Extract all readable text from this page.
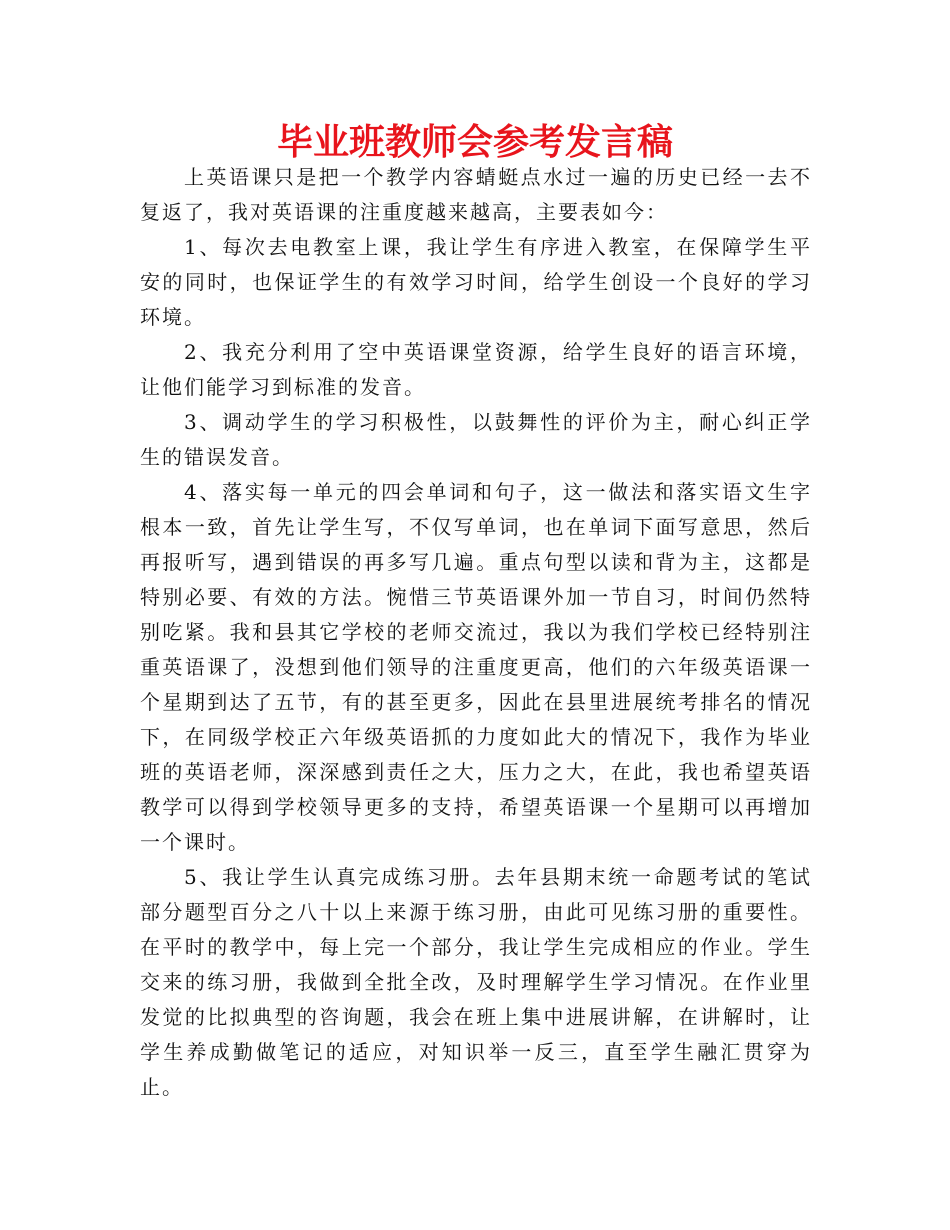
毕业班教师会参考发言稿

上英语课只是把一个教学内容蜻蜓点水过一遍的历史已经一去不复返了，我对英语课的注重度越来越高，主要表如今：

1、每次去电教室上课，我让学生有序进入教室，在保障学生平安的同时，也保证学生的有效学习时间，给学生创设一个良好的学习环境。

2、我充分利用了空中英语课堂资源，给学生良好的语言环境，让他们能学习到标准的发音。

3、调动学生的学习积极性，以鼓舞性的评价为主，耐心纠正学生的错误发音。

4、落实每一单元的四会单词和句子，这一做法和落实语文生字根本一致，首先让学生写，不仅写单词，也在单词下面写意思，然后再报听写，遇到错误的再多写几遍。重点句型以读和背为主，这都是特别必要、有效的方法。惋惜三节英语课外加一节自习，时间仍然特别吃紧。我和县其它学校的老师交流过，我以为我们学校已经特别注重英语课了，没想到他们领导的注重度更高，他们的六年级英语课一个星期到达了五节，有的甚至更多，因此在县里进展统考排名的情况下，在同级学校正六年级英语抓的力度如此大的情况下，我作为毕业班的英语老师，深深感到责任之大，压力之大，在此，我也希望英语教学可以得到学校领导更多的支持，希望英语课一个星期可以再增加一个课时。

5、我让学生认真完成练习册。去年县期末统一命题考试的笔试部分题型百分之八十以上来源于练习册，由此可见练习册的重要性。在平时的教学中，每上完一个部分，我让学生完成相应的作业。学生交来的练习册，我做到全批全改，及时理解学生学习情况。在作业里发觉的比拟典型的咨询题，我会在班上集中进展讲解，在讲解时，让学生养成勤做笔记的适应，对知识举一反三，直至学生融汇贯穿为止。
